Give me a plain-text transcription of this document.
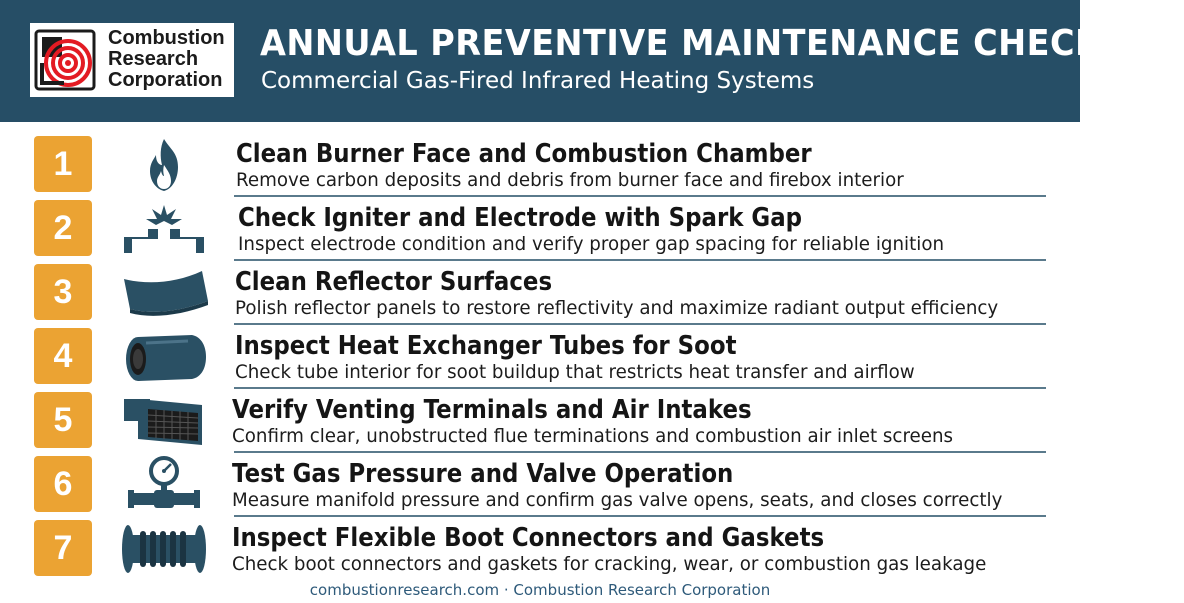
Combustion
Research
Corporation
ANNUAL PREVENTIVE MAINTENANCE CHECKLIST
Commercial Gas-Fired Infrared Heating Systems
1	Clean Burner Face and Combustion Chamber
Remove carbon deposits and debris from burner face and firebox interior
2	Check Igniter and Electrode with Spark Gap
Inspect electrode condition and verify proper gap spacing for reliable ignition
3	Clean Reflector Surfaces
Polish reflector panels to restore reflectivity and maximize radiant output efficiency
4	Inspect Heat Exchanger Tubes for Soot
Check tube interior for soot buildup that restricts heat transfer and airflow
5	Verify Venting Terminals and Air Intakes
Confirm clear, unobstructed flue terminations and combustion air inlet screens
6	Test Gas Pressure and Valve Operation
Measure manifold pressure and confirm gas valve opens, seats, and closes correctly
7	Inspect Flexible Boot Connectors and Gaskets
Check boot connectors and gaskets for cracking, wear, or combustion gas leakage
combustionresearch.com · Combustion Research Corporation
